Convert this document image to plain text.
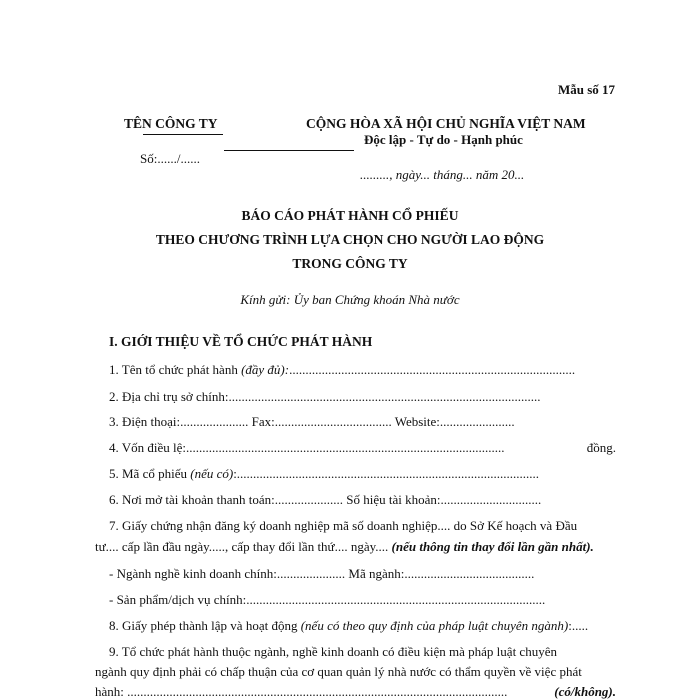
Mẫu số 17
TÊN CÔNG TY
Số:....../......
CỘNG HÒA XÃ HỘI CHỦ NGHĨA VIỆT NAM
Độc lập - Tự do - Hạnh phúc
........., ngày... tháng... năm 20...
BÁO CÁO PHÁT HÀNH CỔ PHIẾU
THEO CHƯƠNG TRÌNH LỰA CHỌN CHO NGƯỜI LAO ĐỘNG
TRONG CÔNG TY
Kính gửi: Ủy ban Chứng khoán Nhà nước
I. GIỚI THIỆU VỀ TỔ CHỨC PHÁT HÀNH
1. Tên tổ chức phát hành (đầy đủ):........................................................................................
2. Địa chỉ trụ sở chính:................................................................................................
3. Điện thoại:..................... Fax:.................................... Website:.......................
đồng.
4. Vốn điều lệ:..................................................................................................
5. Mã cổ phiếu (nếu có):.............................................................................................
6. Nơi mở tài khoản thanh toán:..................... Số hiệu tài khoản:...............................
7. Giấy chứng nhận đăng ký doanh nghiệp mã số doanh nghiệp.... do Sở Kế hoạch và Đầu
tư.... cấp lần đầu ngày....., cấp thay đổi lần thứ.... ngày.... (nếu thông tin thay đổi lần gần nhất).
- Ngành nghề kinh doanh chính:..................... Mã ngành:........................................
- Sản phẩm/dịch vụ chính:............................................................................................
8. Giấy phép thành lập và hoạt động (nếu có theo quy định của pháp luật chuyên ngành):.....
9. Tổ chức phát hành thuộc ngành, nghề kinh doanh có điều kiện mà pháp luật chuyên
ngành quy định phải có chấp thuận của cơ quan quản lý nhà nước có thẩm quyền về việc phát
(có/không).
hành: .....................................................................................................................
